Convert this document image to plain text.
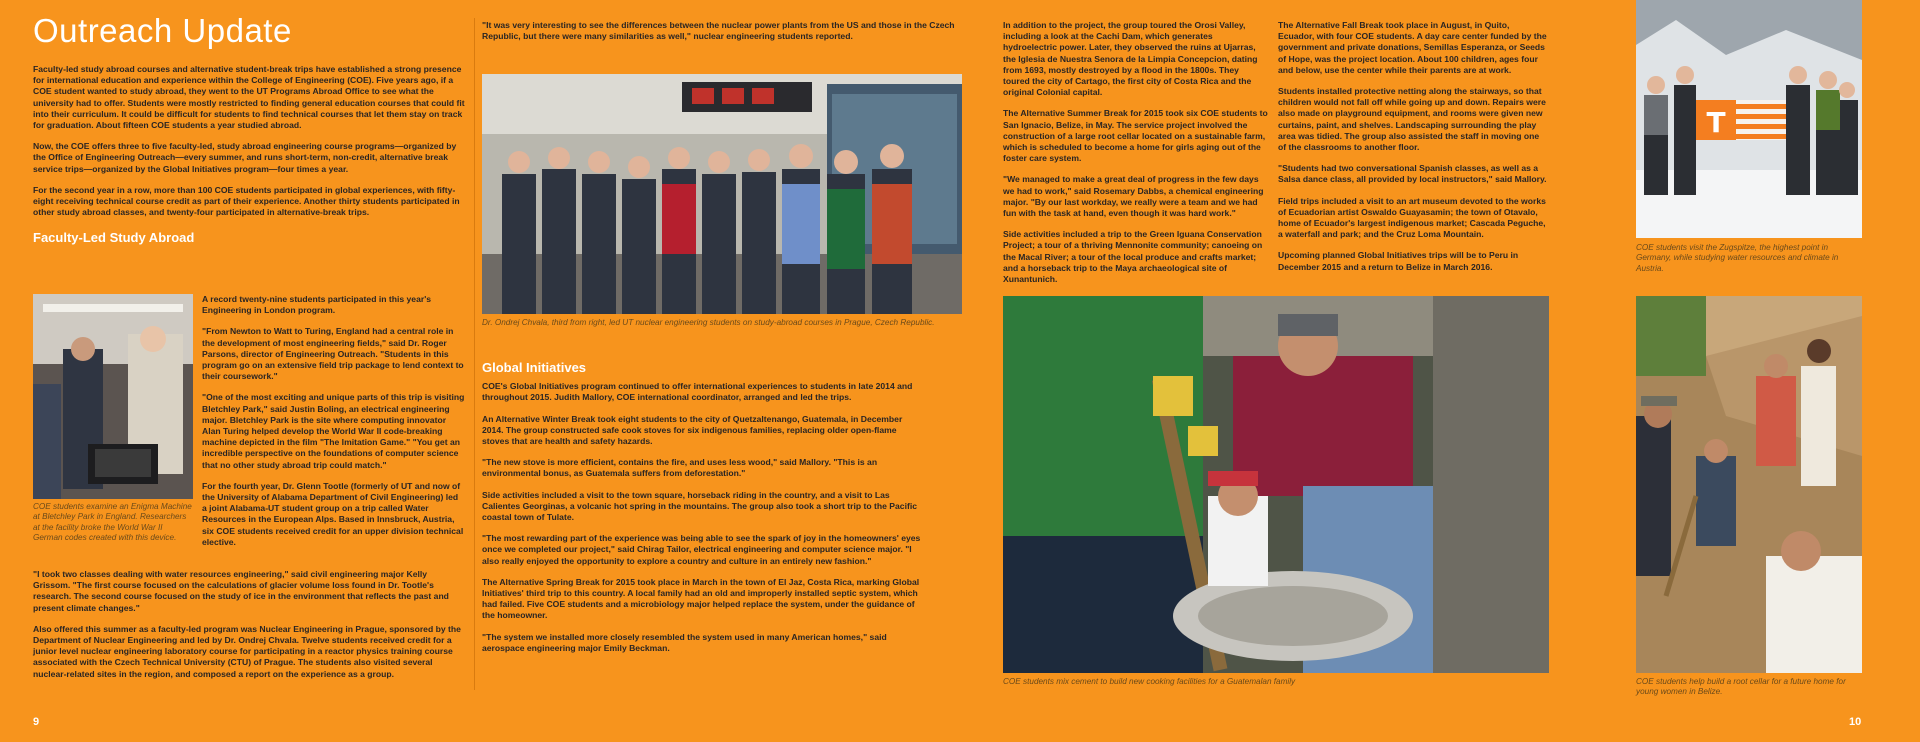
Outreach Update

Faculty-led study abroad courses and alternative student-break trips have established a strong presence for international education and experience within the College of Engineering (COE). Five years ago, if a COE student wanted to study abroad, they went to the UT Programs Abroad Office to see what the university had to offer. Students were mostly restricted to finding general education courses that could fit into their curriculum. It could be difficult for students to find technical courses that let them stay on track for graduation. About fifteen COE students a year studied abroad.

Now, the COE offers three to five faculty-led, study abroad engineering course programs—organized by the Office of Engineering Outreach—every summer, and runs short-term, non-credit, alternative break service trips—organized by the Global Initiatives program—four times a year.

For the second year in a row, more than 100 COE students participated in global experiences, with fifty-eight receiving technical course credit as part of their experience. Another thirty students participated in other study abroad classes, and twenty-four participated in alternative-break trips.

Faculty-Led Study Abroad
COE students examine an Enigma Machine at Bletchley Park in England. Researchers at the facility broke the World War II German codes created with this device.

A record twenty-nine students participated in this year's Engineering in London program.

"From Newton to Watt to Turing, England had a central role in the development of most engineering fields," said Dr. Roger Parsons, director of Engineering Outreach. "Students in this program go on an extensive field trip package to lend context to their coursework."

"One of the most exciting and unique parts of this trip is visiting Bletchley Park," said Justin Boling, an electrical engineering major. Bletchley Park is the site where computing innovator Alan Turing helped develop the World War II code-breaking machine depicted in the film "The Imitation Game." "You get an incredible perspective on the foundations of computer science that no other study abroad trip could match."

For the fourth year, Dr. Glenn Tootle (formerly of UT and now of the University of Alabama Department of Civil Engineering) led a joint Alabama-UT student group on a trip called Water Resources in the European Alps. Based in Innsbruck, Austria, six COE students received credit for an upper division technical elective.

"I took two classes dealing with water resources engineering," said civil engineering major Kelly Grissom. "The first course focused on the calculations of glacier volume loss found in Dr. Tootle's research. The second course focused on the study of ice in the environment that reflects the past and present climate changes."

Also offered this summer as a faculty-led program was Nuclear Engineering in Prague, sponsored by the Department of Nuclear Engineering and led by Dr. Ondrej Chvala. Twelve students received credit for a junior level nuclear engineering laboratory course for participating in a reactor physics training course associated with the Czech Technical University (CTU) of Prague. The students also visited several nuclear-related sites in the region, and composed a report on the experience as a group.

"It was very interesting to see the differences between the nuclear power plants from the US and those in the Czech Republic, but there were many similarities as well," nuclear engineering students reported.

Dr. Ondrej Chvala, third from right, led UT nuclear engineering students on study-abroad courses in Prague, Czech Republic.
Global Initiatives

COE's Global Initiatives program continued to offer international experiences to students in late 2014 and throughout 2015. Judith Mallory, COE international coordinator, arranged and led the trips.

An Alternative Winter Break took eight students to the city of Quetzaltenango, Guatemala, in December 2014. The group constructed safe cook stoves for six indigenous families, replacing older open-flame stoves that are health and safety hazards.

"The new stove is more efficient, contains the fire, and uses less wood," said Mallory. "This is an environmental bonus, as Guatemala suffers from deforestation."

Side activities included a visit to the town square, horseback riding in the country, and a visit to Las Calientes Georginas, a volcanic hot spring in the mountains. The group also took a short trip to the Pacific coastal town of Tulate.

"The most rewarding part of the experience was being able to see the spark of joy in the homeowners' eyes once we completed our project," said Chirag Tailor, electrical engineering and computer science major. "I also really enjoyed the opportunity to explore a country and culture in an entirely new fashion."

The Alternative Spring Break for 2015 took place in March in the town of El Jaz, Costa Rica, marking Global Initiatives' third trip to this country. A local family had an old and improperly installed septic system, which had failed. Five COE students and a microbiology major helped replace the system, under the guidance of the homeowner.

"The system we installed more closely resembled the system used in many American homes," said aerospace engineering major Emily Beckman.

9

In addition to the project, the group toured the Orosi Valley, including a look at the Cachi Dam, which generates hydroelectric power. Later, they observed the ruins at Ujarras, the Iglesia de Nuestra Senora de la Limpia Concepcion, dating from 1693, mostly destroyed by a flood in the 1800s. They toured the city of Cartago, the first city of Costa Rica and the original Colonial capital.

The Alternative Summer Break for 2015 took six COE students to San Ignacio, Belize, in May. The service project involved the construction of a large root cellar located on a sustainable farm, which is scheduled to become a home for girls aging out of the foster care system.

"We managed to make a great deal of progress in the few days we had to work," said Rosemary Dabbs, a chemical engineering major. "By our last workday, we really were a team and we had fun with the task at hand, even though it was hard work."

Side activities included a trip to the Green Iguana Conservation Project; a tour of a thriving Mennonite community; canoeing on the Macal River; a tour of the local produce and crafts market; and a horseback trip to the Maya archaeological site of Xunantunich.

The Alternative Fall Break took place in August, in Quito, Ecuador, with four COE students. A day care center funded by the government and private donations, Semillas Esperanza, or Seeds of Hope, was the project location. About 100 children, ages four and below, use the center while their parents are at work.

Students installed protective netting along the stairways, so that children would not fall off while going up and down. Repairs were also made on playground equipment, and rooms were given new curtains, paint, and shelves. Landscaping surrounding the play area was tidied. The group also assisted the staff in moving one of the classrooms to another floor.

"Students had two conversational Spanish classes, as well as a Salsa dance class, all provided by local instructors," said Mallory.

Field trips included a visit to an art museum devoted to the works of Ecuadorian artist Oswaldo Guayasamin; the town of Otavalo, home of Ecuador's largest indigenous market; Cascada Peguche, a waterfall and park; and the Cruz Loma Mountain.

Upcoming planned Global Initiatives trips will be to Peru in December 2015 and a return to Belize in March 2016.

T
COE students visit the Zugspitze, the highest point in Germany, while studying water resources and climate in Austria.
COE students mix cement to build new cooking facilities for a Guatemalan family	COE students help build a root cellar for a future home for young women in Belize.
10
